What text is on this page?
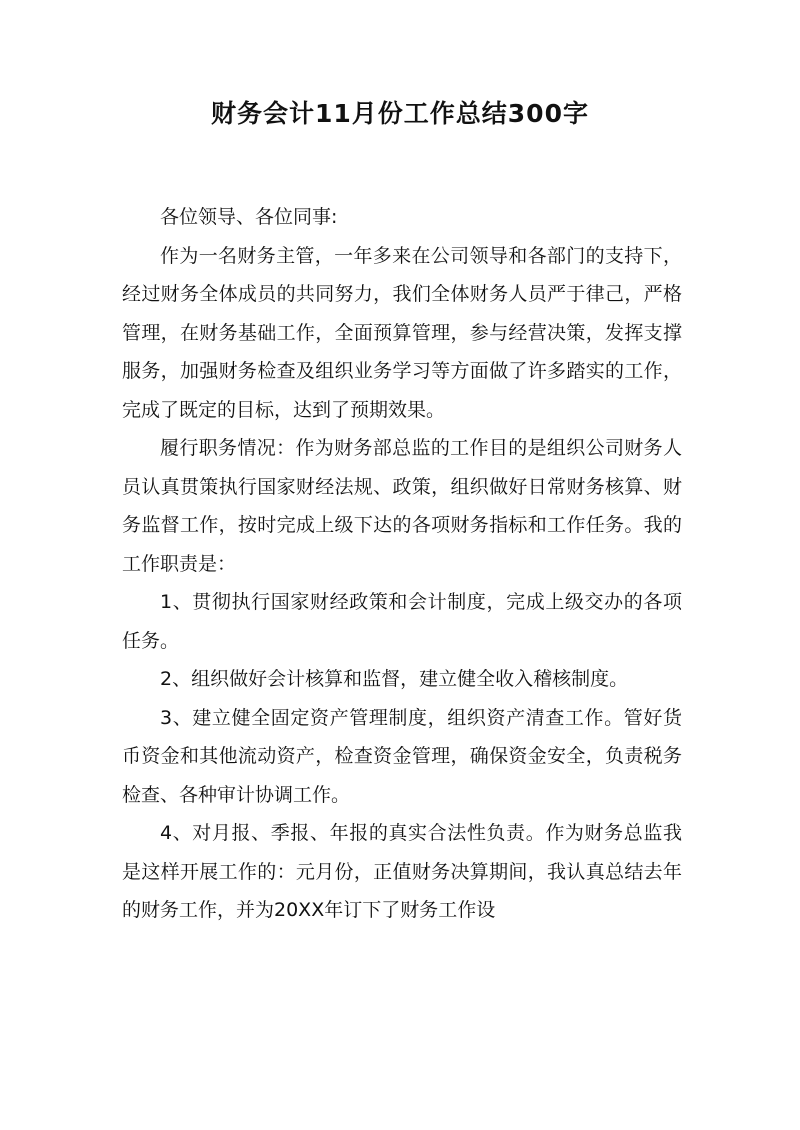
财务会计11月份工作总结300字

各位领导、各位同事:

作为一名财务主管，一年多来在公司领导和各部门的支持下，经过财务全体成员的共同努力，我们全体财务人员严于律己，严格管理，在财务基础工作，全面预算管理，参与经营决策，发挥支撑服务，加强财务检查及组织业务学习等方面做了许多踏实的工作，完成了既定的目标，达到了预期效果。

履行职务情况：作为财务部总监的工作目的是组织公司财务人员认真贯策执行国家财经法规、政策，组织做好日常财务核算、财务监督工作，按时完成上级下达的各项财务指标和工作任务。我的工作职责是：

1、贯彻执行国家财经政策和会计制度，完成上级交办的各项任务。

2、组织做好会计核算和监督，建立健全收入稽核制度。

3、建立健全固定资产管理制度，组织资产清查工作。管好货币资金和其他流动资产，检查资金管理，确保资金安全，负责税务检查、各种审计协调工作。

4、对月报、季报、年报的真实合法性负责。作为财务总监我是这样开展工作的：元月份，正值财务决算期间，我认真总结去年的财务工作，并为20XX年订下了财务工作设
